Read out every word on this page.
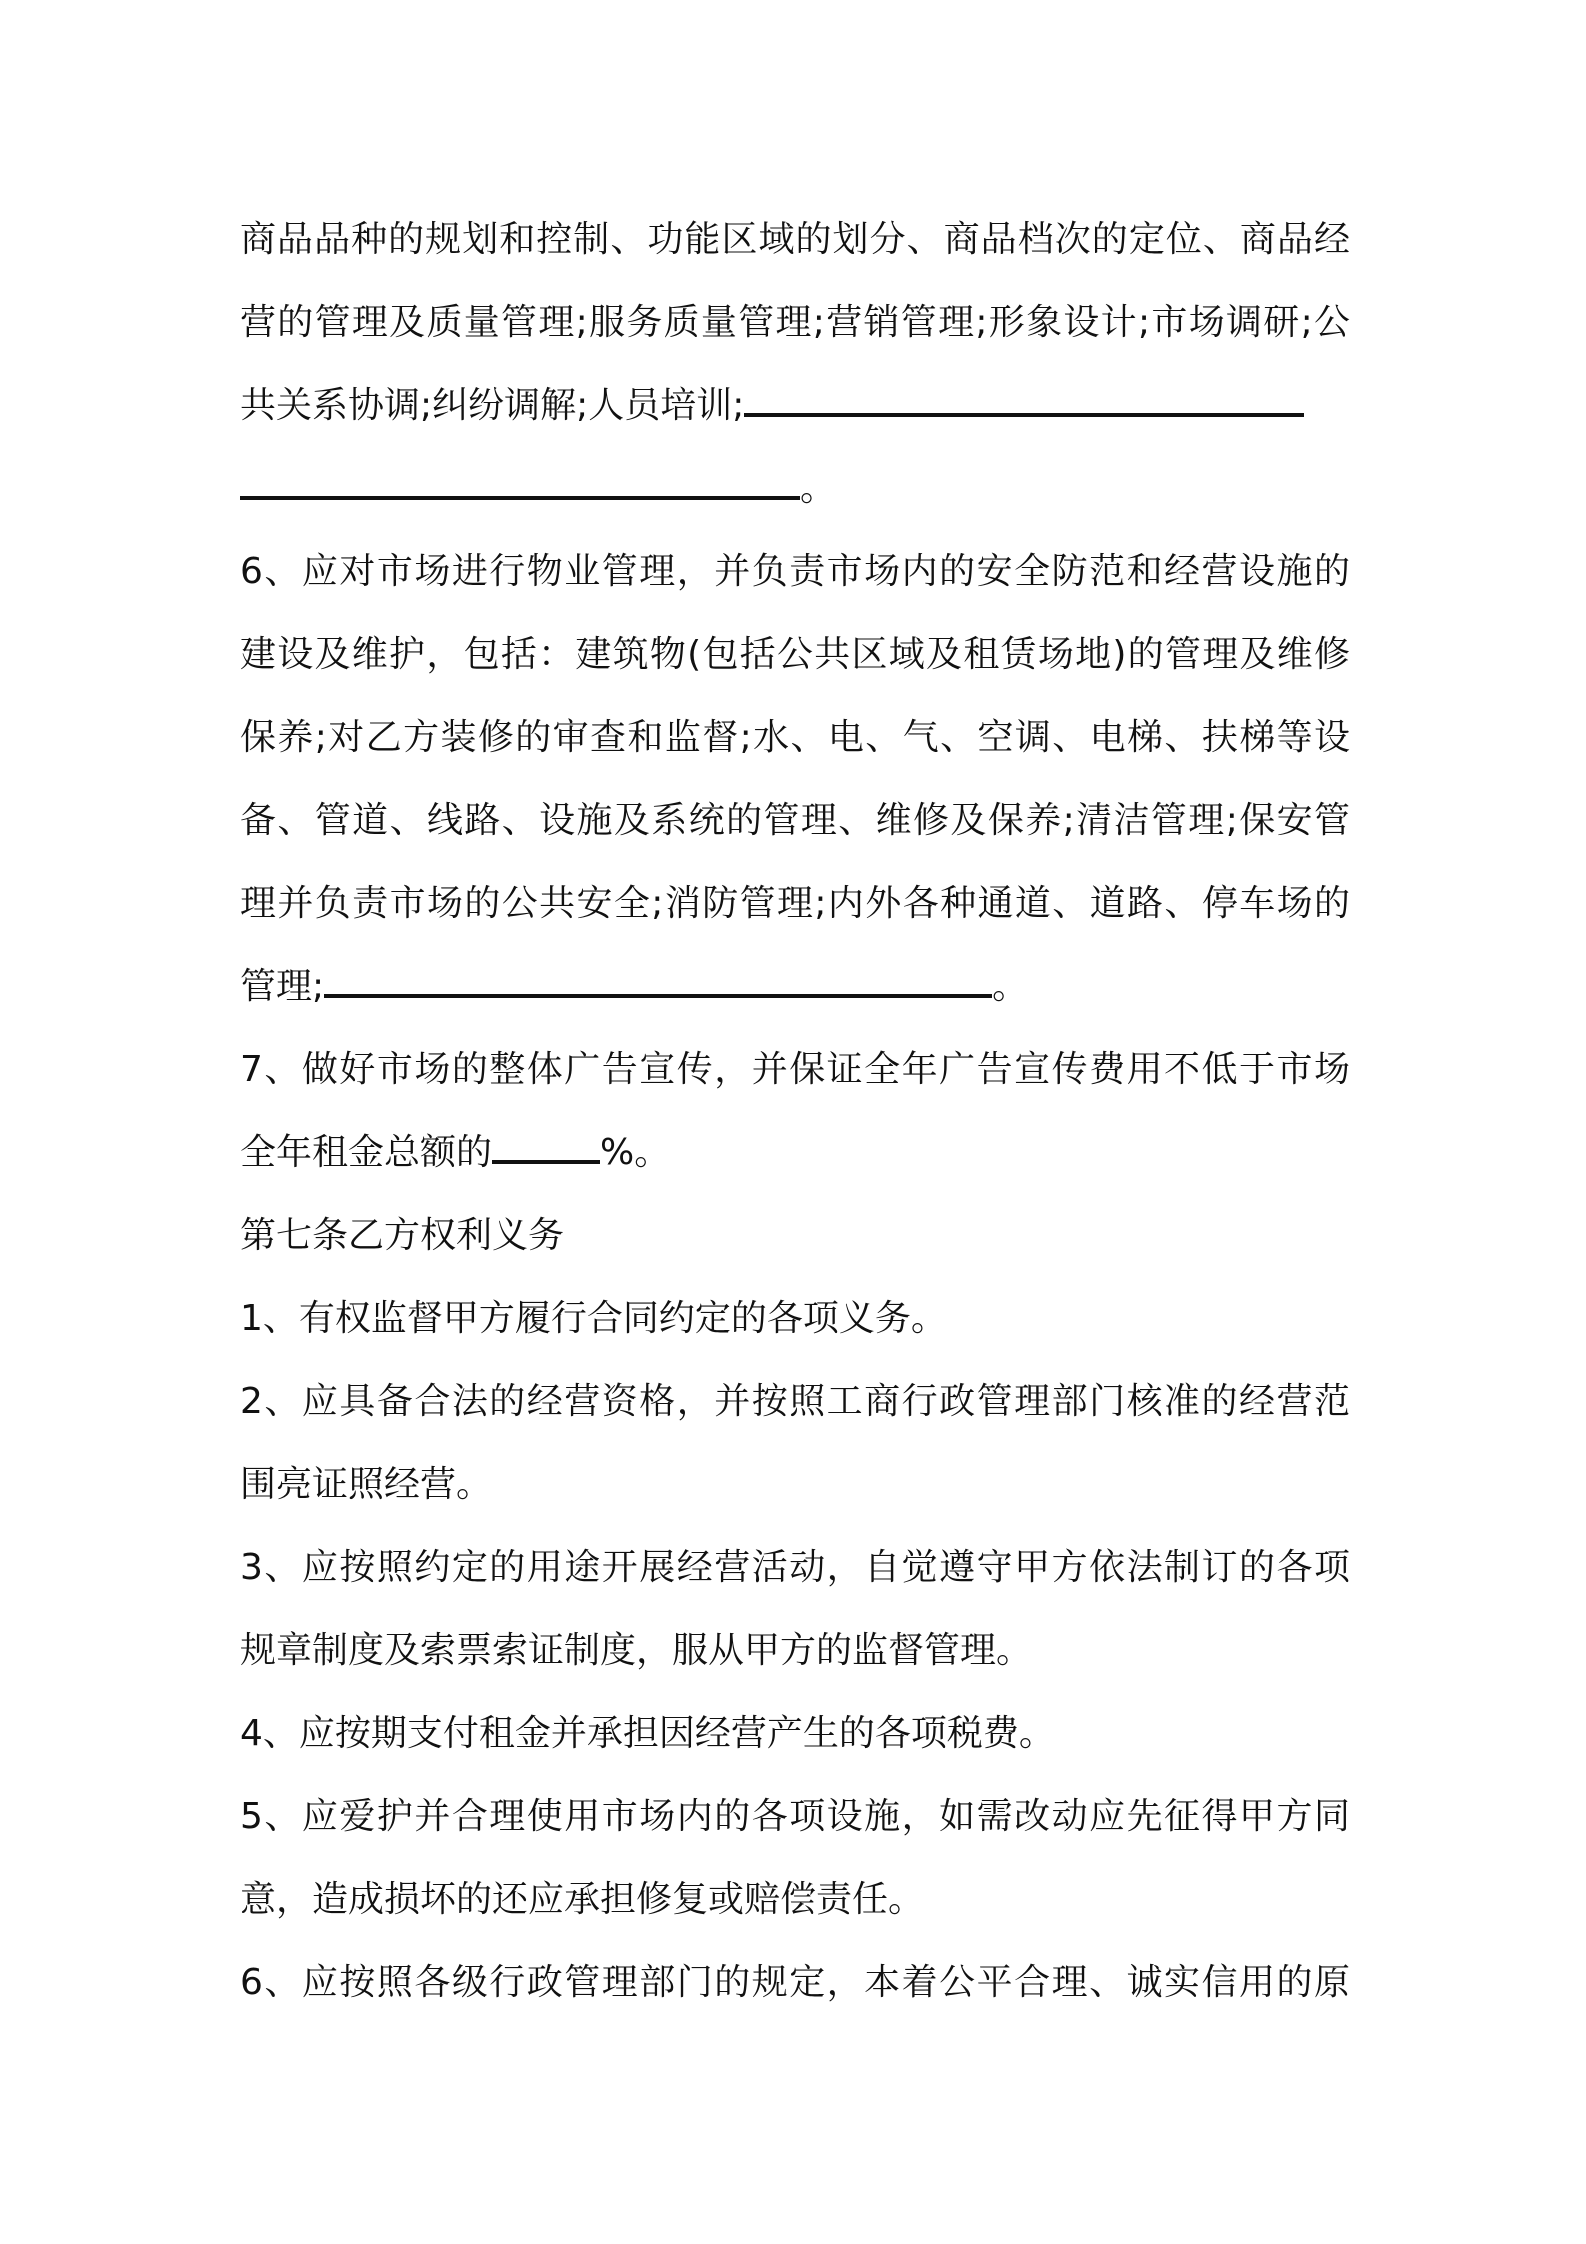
商品品种的规划和控制、功能区域的划分、商品档次的定位、商品经
营的管理及质量管理;服务质量管理;营销管理;形象设计;市场调研;公
共关系协调;纠纷调解;人员培训;
。
6、应对市场进行物业管理，并负责市场内的安全防范和经营设施的
建设及维护，包括：建筑物(包括公共区域及租赁场地)的管理及维修
保养;对乙方装修的审查和监督;水、电、气、空调、电梯、扶梯等设
备、管道、线路、设施及系统的管理、维修及保养;清洁管理;保安管
理并负责市场的公共安全;消防管理;内外各种通道、道路、停车场的
管理;	。
7、做好市场的整体广告宣传，并保证全年广告宣传费用不低于市场
全年租金总额的	%。
第七条乙方权利义务
1、有权监督甲方履行合同约定的各项义务。
2、应具备合法的经营资格，并按照工商行政管理部门核准的经营范
围亮证照经营。
3、应按照约定的用途开展经营活动，自觉遵守甲方依法制订的各项
规章制度及索票索证制度，服从甲方的监督管理。
4、应按期支付租金并承担因经营产生的各项税费。
5、应爱护并合理使用市场内的各项设施，如需改动应先征得甲方同
意，造成损坏的还应承担修复或赔偿责任。
6、应按照各级行政管理部门的规定，本着公平合理、诚实信用的原
